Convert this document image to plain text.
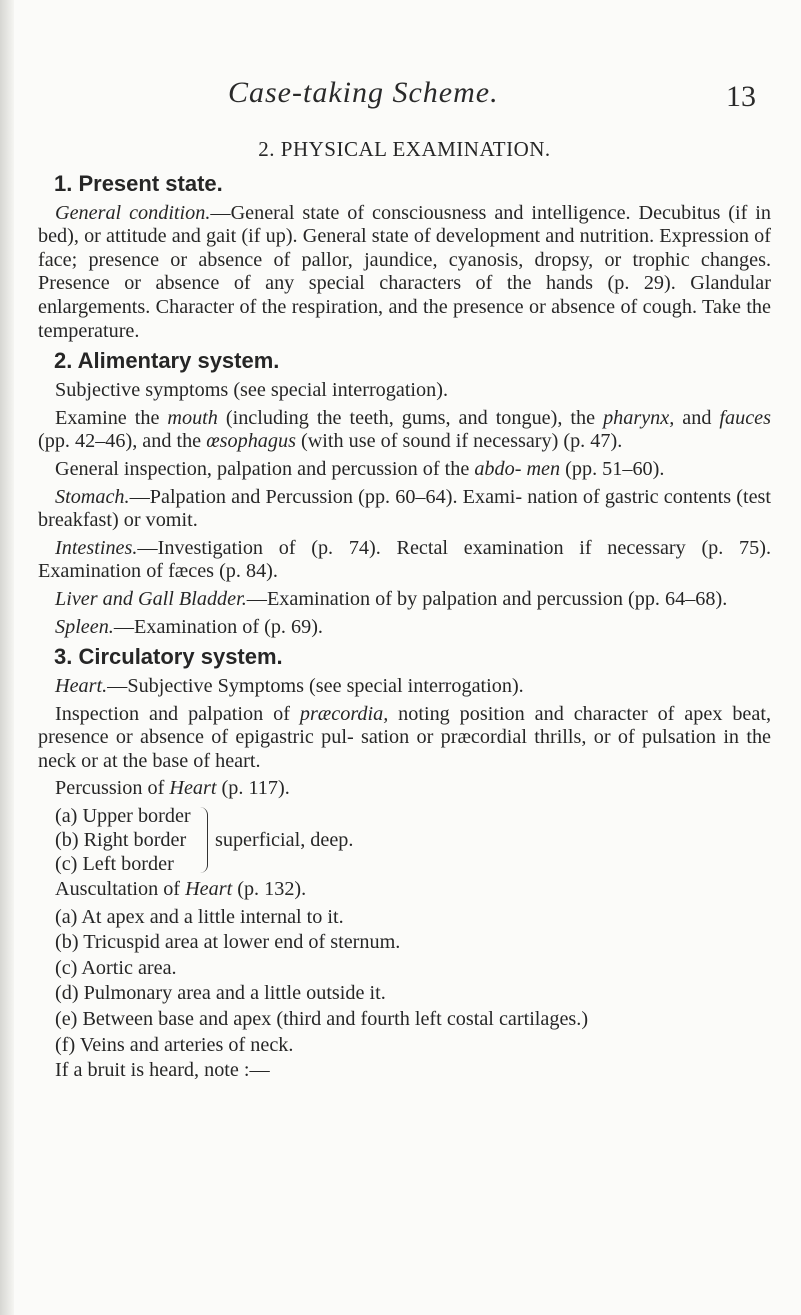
Case-taking Scheme.	13
2. PHYSICAL EXAMINATION.
1. Present state.

General condition.—General state of consciousness and intelligence. Decubitus (if in bed), or attitude and gait (if up). General state of development and nutrition. Expression of face; presence or absence of pallor, jaundice, cyanosis, dropsy, or trophic changes. Presence or absence of any special characters of the hands (p. 29). Glandular enlargements. Character of the respiration, and the presence or absence of cough. Take the temperature.

2. Alimentary system.

Subjective symptoms (see special interrogation).

Examine the mouth (including the teeth, gums, and tongue), the pharynx, and fauces (pp. 42–46), and the œsophagus (with use of sound if necessary) (p. 47).

General inspection, palpation and percussion of the abdo- men (pp. 51–60).

Stomach.—Palpation and Percussion (pp. 60–64). Exami- nation of gastric contents (test breakfast) or vomit.

Intestines.—Investigation of (p. 74). Rectal examination if necessary (p. 75). Examination of fæces (p. 84).

Liver and Gall Bladder.—Examination of by palpation and percussion (pp. 64–68).

Spleen.—Examination of (p. 69).

3. Circulatory system.

Heart.—Subjective Symptoms (see special interrogation).

Inspection and palpation of præcordia, noting position and character of apex beat, presence or absence of epigastric pul- sation or præcordial thrills, or of pulsation in the neck or at the base of heart.

Percussion of Heart (p. 117).

(a) Upper border
(b) Right border
(c) Left border
superficial, deep.

Auscultation of Heart (p. 132).

(a) At apex and a little internal to it.
(b) Tricuspid area at lower end of sternum.
(c) Aortic area.
(d) Pulmonary area and a little outside it.
(e) Between base and apex (third and fourth left costal cartilages.)
(f) Veins and arteries of neck.
If a bruit is heard, note :—
